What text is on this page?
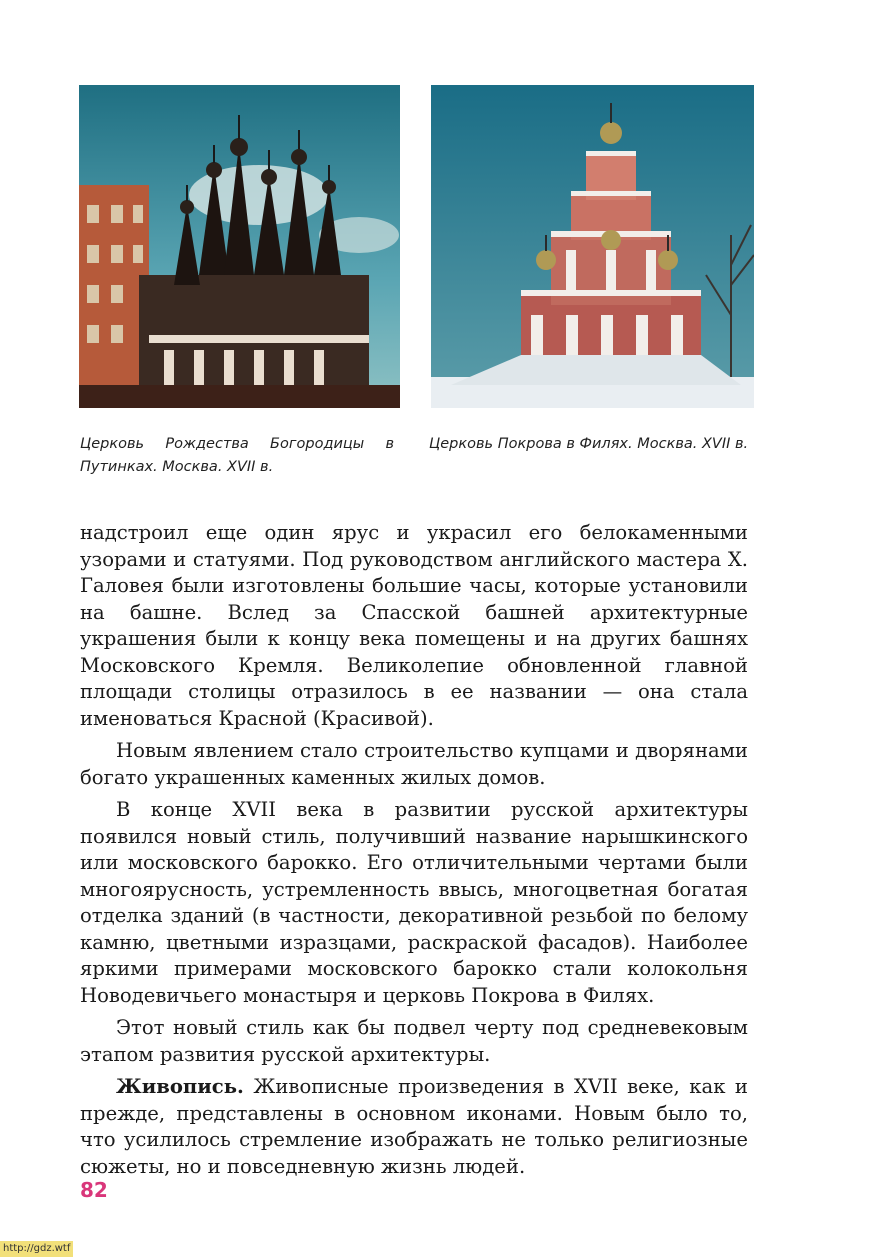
Церковь Рождества Богородицы в Путинках. Москва. XVII в.
Церковь Покрова в Филях. Москва. XVII в.

надстроил еще один ярус и украсил его белокаменными узорами и статуями. Под руководством английского мастера Х. Галовея были изготовлены большие часы, которые установили на башне. Вслед за Спасской башней архитектурные украшения были к концу века помещены и на других башнях Московского Кремля. Великолепие обновленной главной площади столицы отразилось в ее названии — она стала именоваться Красной (Красивой).

Новым явлением стало строительство купцами и дворянами богато украшенных каменных жилых домов.

В конце XVII века в развитии русской архитектуры появился новый стиль, получивший название нарышкинского или московского барокко. Его отличительными чертами были многоярусность, устремленность ввысь, многоцветная богатая отделка зданий (в частности, декоративной резьбой по белому камню, цветными изразцами, раскраской фасадов). Наиболее яркими примерами московского барокко стали колокольня Новодевичьего монастыря и церковь Покрова в Филях.

Этот новый стиль как бы подвел черту под средневековым этапом развития русской архитектуры.

Живопись. Живописные произведения в XVII веке, как и прежде, представлены в основном иконами. Новым было то, что усилилось стремление изображать не только религиозные сюжеты, но и повседневную жизнь людей.

82
http://gdz.wtf
